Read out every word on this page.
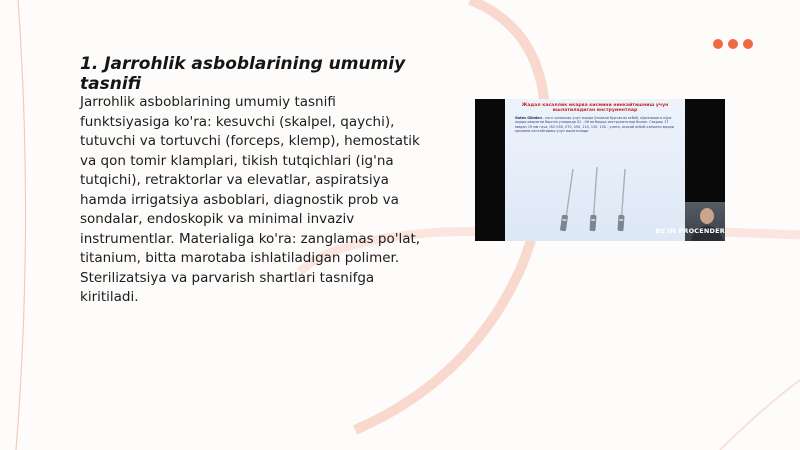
1. Jarrohlik asboblarining umumiy tasnifi

Jarrohlik asboblarining umumiy tasnifi funktsiyasiga ko'ra: kesuvchi (skalpel, qaychi), tutuvchi va tortuvchi (forceps, klemp), hemostatik va qon tomir klamplari, tikish tutqichlari (ig'na tutqichi), retraktorlar va elevatlar, aspiratsiya hamda irrigatsiya asboblari, diagnostik prob va sondalar, endoskopik va minimal invaziv instrumentlar. Materialiga ko'ra: zanglamas po'lat, titanium, bitta marotaba ishlatiladigan polimer. Sterilizatsiya va parvarish shartlari tasnifga kiritiladi.

Жадал касаллик икарва кисмини нинкайтишниш учун ишлатиладиган инструментлар
Gates Glidden - кенг каналлар учун юқори ўлчовли бурчакли асбоб, кўринишига кўра юқори оворотли боргли учларида 01 - 06 ва бошқа инструментлар билан. Сакраш 17 ммдан 19 мм гача, ISO 050, 070, 090, 110, 130, 150 - улиги, асосий асбоб канални юқори қисмини кенгайтириш учун ишлатилади
BE IN PROCENDER
